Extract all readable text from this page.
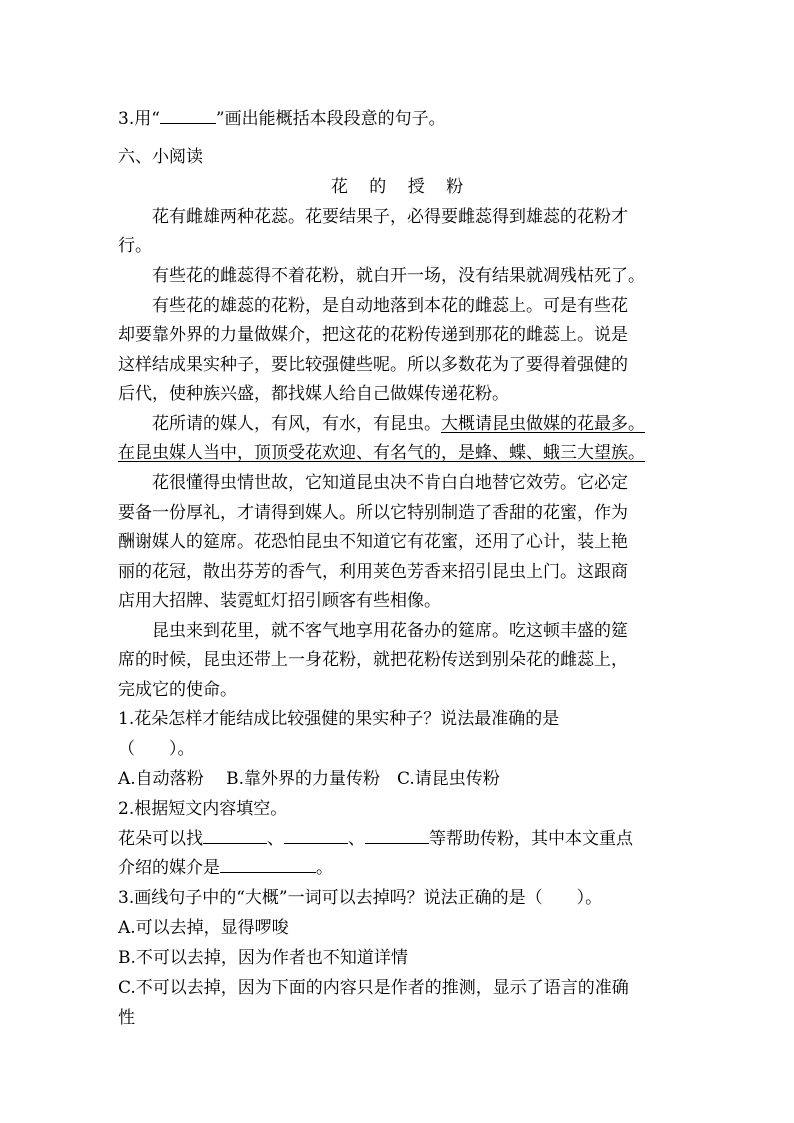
3.用“	”画出能概括本段段意的句子。
六、小阅读
花 的 授 粉
花有雌雄两种花蕊。花要结果子，必得要雌蕊得到雄蕊的花粉才
行。
有些花的雌蕊得不着花粉，就白开一场，没有结果就凋残枯死了。
有些花的雄蕊的花粉，是自动地落到本花的雌蕊上。可是有些花
却要靠外界的力量做媒介，把这花的花粉传递到那花的雌蕊上。说是
这样结成果实种子，要比较强健些呢。所以多数花为了要得着强健的
后代，使种族兴盛，都找媒人给自己做媒传递花粉。
花所请的媒人，有风，有水，有昆虫。大概请昆虫做媒的花最多。
在昆虫媒人当中，顶顶受花欢迎、有名气的，是蜂、蝶、蛾三大望族。
花很懂得虫情世故，它知道昆虫决不肯白白地替它效劳。它必定
要备一份厚礼，才请得到媒人。所以它特别制造了香甜的花蜜，作为
酬谢媒人的筵席。花恐怕昆虫不知道它有花蜜，还用了心计，装上艳
丽的花冠，散出芬芳的香气，利用荚色芳香来招引昆虫上门。这跟商
店用大招牌、装霓虹灯招引顾客有些相像。
昆虫来到花里，就不客气地享用花备办的筵席。吃这顿丰盛的筵
席的时候，昆虫还带上一身花粉，就把花粉传送到别朵花的雌蕊上，
完成它的使命。
1.花朵怎样才能结成比较强健的果实种子？说法最准确的是
（　　）。
A.自动落粉　 B.靠外界的力量传粉　C.请昆虫传粉
2.根据短文内容填空。
花朵可以找	、	、	等帮助传粉，其中本文重点
介绍的媒介是	。
3.画线句子中的“大概”一词可以去掉吗？说法正确的是（　　）。
A.可以去掉，显得啰唆
B.不可以去掉，因为作者也不知道详情
C.不可以去掉，因为下面的内容只是作者的推测，显示了语言的准确
性
